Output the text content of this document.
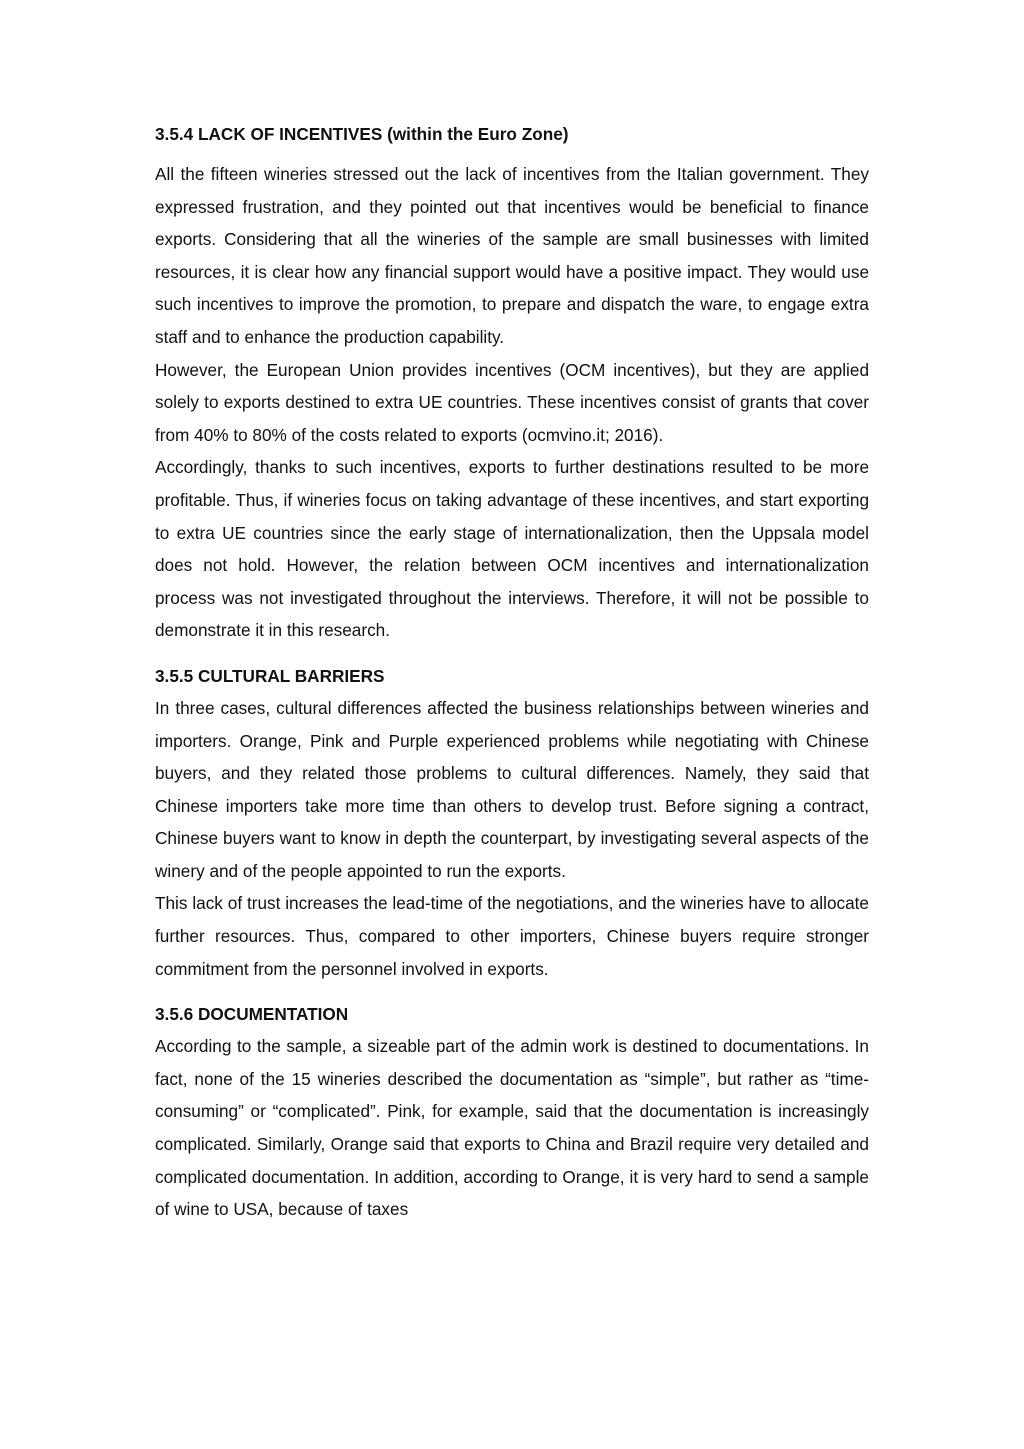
3.5.4 LACK OF INCENTIVES (within the Euro Zone)

All the fifteen wineries stressed out the lack of incentives from the Italian government. They expressed frustration, and they pointed out that incentives would be beneficial to finance exports. Considering that all the wineries of the sample are small businesses with limited resources, it is clear how any financial support would have a positive impact. They would use such incentives to improve the promotion, to prepare and dispatch the ware, to engage extra staff and to enhance the production capability.

However, the European Union provides incentives (OCM incentives), but they are applied solely to exports destined to extra UE countries. These incentives consist of grants that cover from 40% to 80% of the costs related to exports (ocmvino.it; 2016).

Accordingly, thanks to such incentives, exports to further destinations resulted to be more profitable. Thus, if wineries focus on taking advantage of these incentives, and start exporting to extra UE countries since the early stage of internationalization, then the Uppsala model does not hold. However, the relation between OCM incentives and internationalization process was not investigated throughout the interviews. Therefore, it will not be possible to demonstrate it in this research.

3.5.5 CULTURAL BARRIERS

In three cases, cultural differences affected the business relationships between wineries and importers. Orange, Pink and Purple experienced problems while negotiating with Chinese buyers, and they related those problems to cultural differences. Namely, they said that Chinese importers take more time than others to develop trust. Before signing a contract, Chinese buyers want to know in depth the counterpart, by investigating several aspects of the winery and of the people appointed to run the exports.

This lack of trust increases the lead-time of the negotiations, and the wineries have to allocate further resources. Thus, compared to other importers, Chinese buyers require stronger commitment from the personnel involved in exports.

3.5.6 DOCUMENTATION

According to the sample, a sizeable part of the admin work is destined to documentations. In fact, none of the 15 wineries described the documentation as “simple”, but rather as “time-consuming” or “complicated”. Pink, for example, said that the documentation is increasingly complicated. Similarly, Orange said that exports to China and Brazil require very detailed and complicated documentation. In addition, according to Orange, it is very hard to send a sample of wine to USA, because of taxes
